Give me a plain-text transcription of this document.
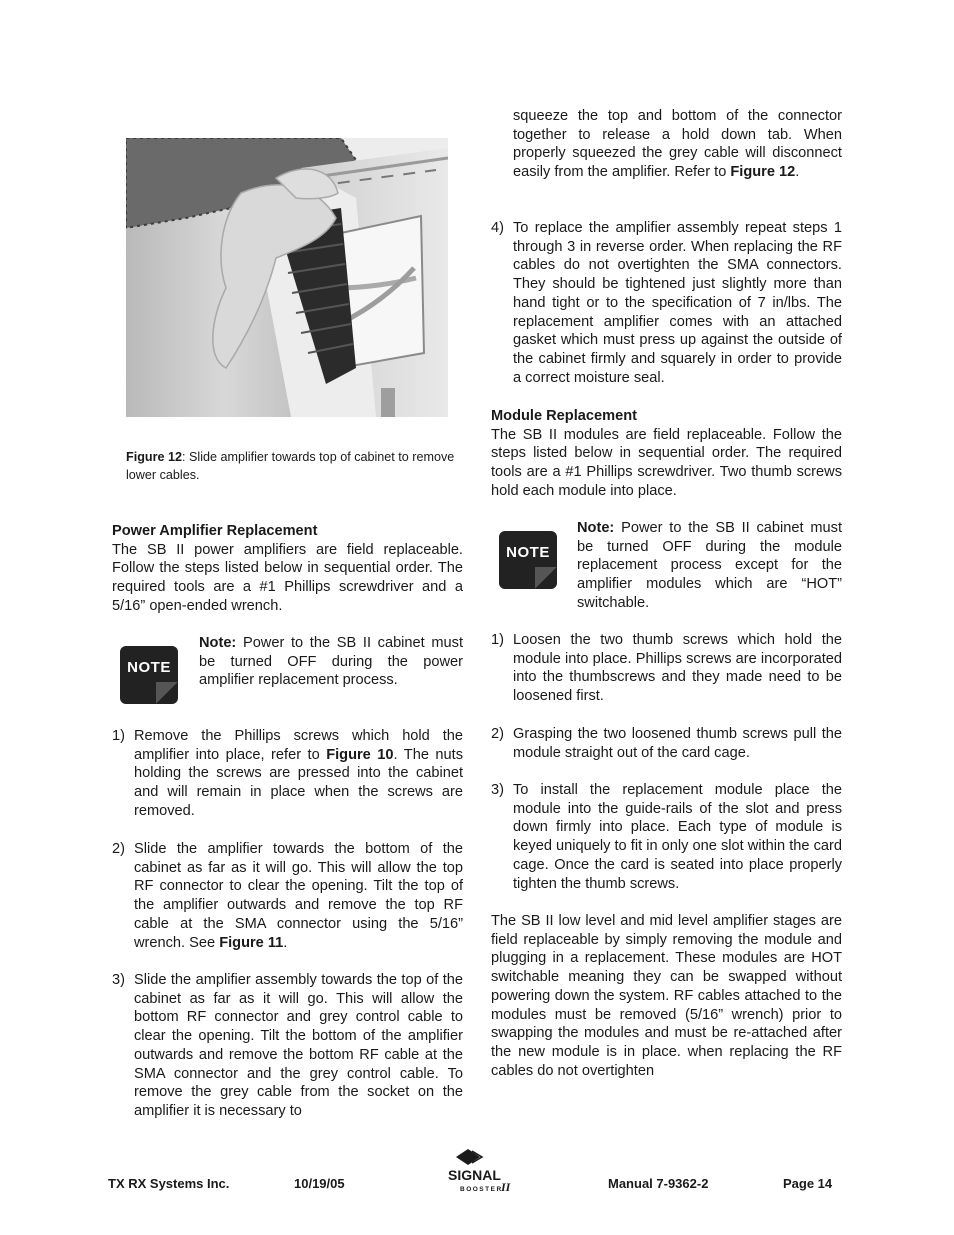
Figure 12: Slide amplifier towards top of cabinet to remove lower cables.

Power Amplifier Replacement

The SB II power amplifiers are field replaceable. Follow the steps listed below in sequential order. The required tools are a #1 Phillips screwdriver and a 5/16” open-ended wrench.

NOTE
Note: Power to the SB II cabinet must be turned OFF during the power amplifier replacement process.
1) Remove the Phillips screws which hold the amplifier into place, refer to Figure 10. The nuts holding the screws are pressed into the cabinet and will remain in place when the screws are removed.
2) Slide the amplifier towards the bottom of the cabinet as far as it will go. This will allow the top RF connector to clear the opening. Tilt the top of the amplifier outwards and remove the top RF cable at the SMA connector using the 5/16” wrench. See Figure 11.
3) Slide the amplifier assembly towards the top of the cabinet as far as it will go. This will allow the bottom RF connector and grey control cable to clear the opening. Tilt the bottom of the amplifier outwards and remove the bottom RF cable at the SMA connector and the grey control cable. To remove the grey cable from the socket on the amplifier it is necessary to
squeeze the top and bottom of the connector together to release a hold down tab. When properly squeezed the grey cable will disconnect easily from the amplifier. Refer to Figure 12.
4) To replace the amplifier assembly repeat steps 1 through 3 in reverse order. When replacing the RF cables do not overtighten the SMA connectors. They should be tightened just slightly more than hand tight or to the specification of 7 in/lbs. The replacement amplifier comes with an attached gasket which must press up against the outside of the cabinet firmly and squarely in order to provide a correct moisture seal.

Module Replacement

The SB II modules are field replaceable. Follow the steps listed below in sequential order. The required tools are a #1 Phillips screwdriver. Two thumb screws hold each module into place.

NOTE
Note: Power to the SB II cabinet must be turned OFF during the module replacement process except for the amplifier modules which are “HOT” switchable.
1) Loosen the two thumb screws which hold the module into place. Phillips screws are incorporated into the thumbscrews and they made need to be loosened first.
2) Grasping the two loosened thumb screws pull the module straight out of the card cage.
3) To install the replacement module place the module into the guide-rails of the slot and press down firmly into place. Each type of module is keyed uniquely to fit in only one slot within the card cage. Once the card is seated into place properly tighten the thumb screws.
The SB II low level and mid level amplifier stages are field replaceable by simply removing the module and plugging in a replacement. These modules are HOT switchable meaning they can be swapped without powering down the system. RF cables attached to the modules must be removed (5/16” wrench) prior to swapping the modules and must be re-attached after the new module is in place. when replacing the RF cables do not overtighten
TX RX Systems Inc.	10/19/05
SIGNAL
BOOSTER
II	Manual 7-9362-2	Page 14
